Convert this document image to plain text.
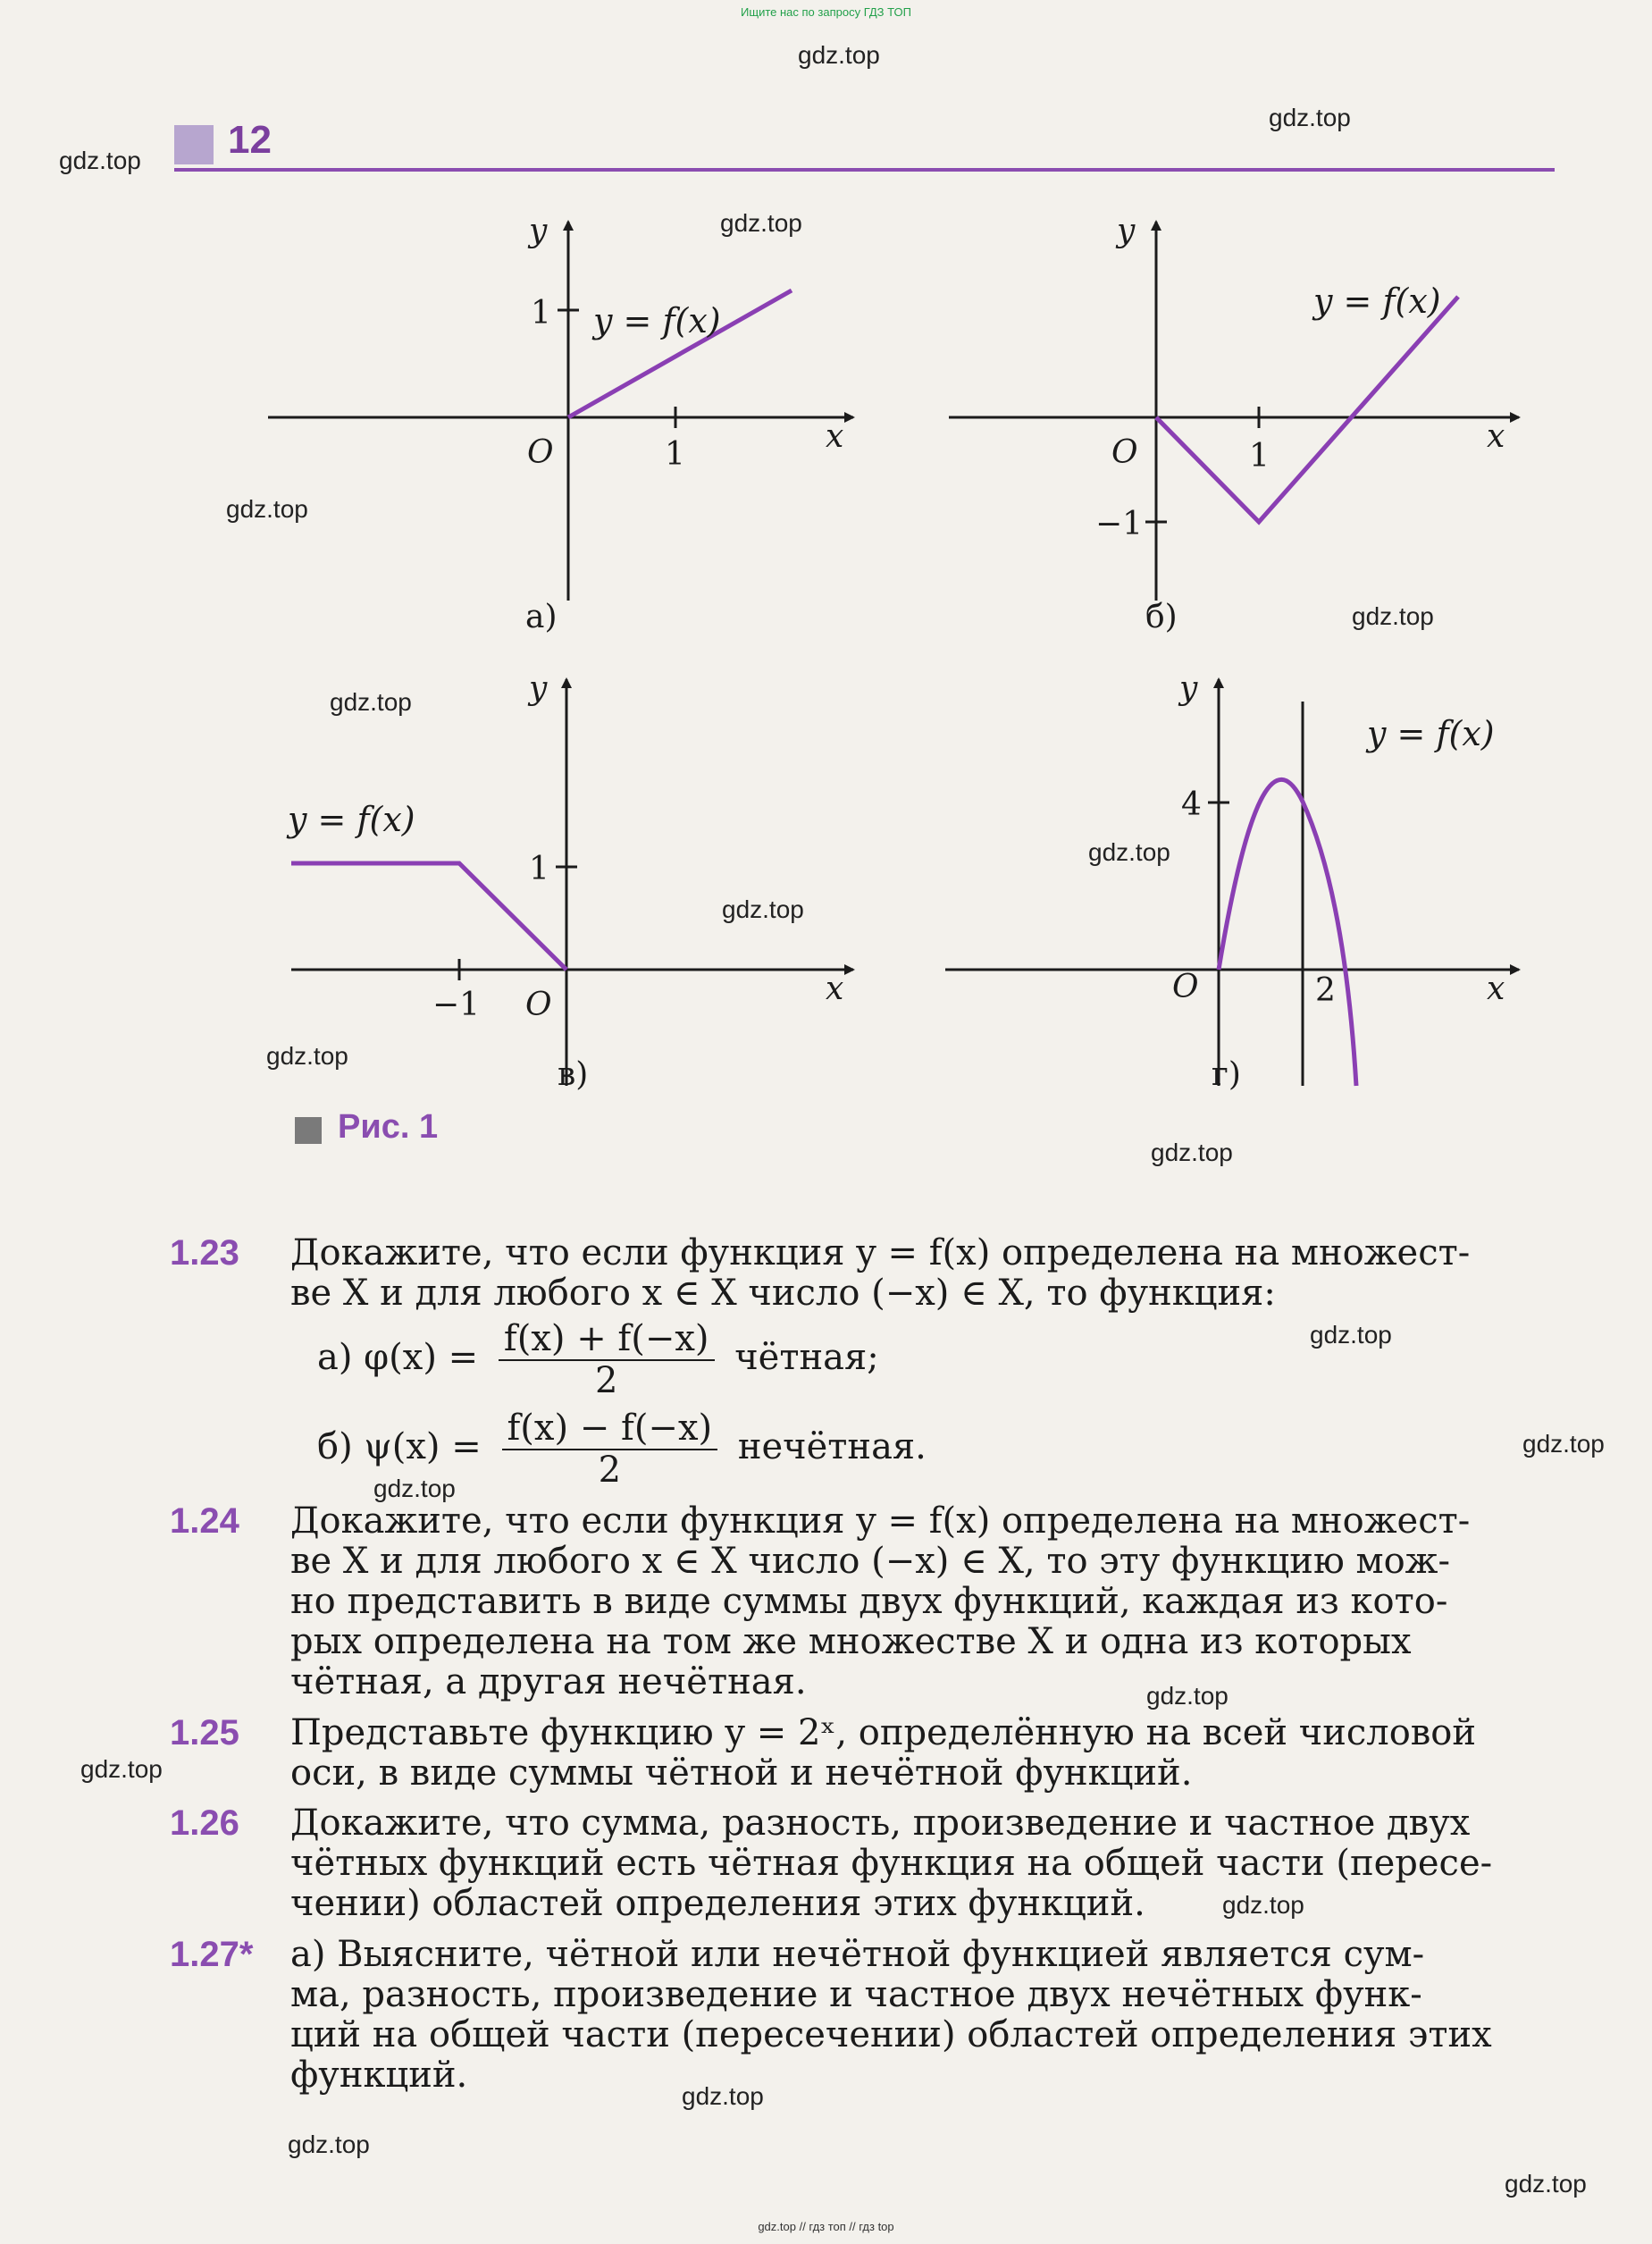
Ищите нас по запросу ГДЗ ТОП
12
gdz.top
gdz.top
gdz.top
gdz.top
gdz.top
gdz.top
gdz.top
gdz.top
gdz.top
gdz.top
gdz.top
gdz.top
gdz.top
gdz.top
gdz.top
gdz.top
gdz.top
gdz.top
gdz.top
gdz.top
y
x
y = f(x)
O
1
1
а)
y
x
y = f(x)
O	1
−1
б)
y
x
y = f(x)
O
1
−1
в)
y
x
y = f(x)
O
4
2
г)
Рис. 1
1.23	Докажите, что если функция y = f(x) определена на множест-
ве X и для любого x ∈ X число (−x) ∈ X, то функция:
а) $\varphi(x) = \frac{f(x) + f(-x)}{2}$ чётная;
б) $\psi(x) = \frac{f(x) - f(-x)}{2}$ нечётная.
1.24	Докажите, что если функция y = f(x) определена на множест-
ве X и для любого x ∈ X число (−x) ∈ X, то эту функцию мож-
но представить в виде суммы двух функций, каждая из кото-
рых определена на том же множестве X и одна из которых
чётная, а другая нечётная.
1.25	Представьте функцию y = 2ˣ, определённую на всей числовой
оси, в виде суммы чётной и нечётной функций.
1.26	Докажите, что сумма, разность, произведение и частное двух
чётных функций есть чётная функция на общей части (пересе-
чении) областей определения этих функций.
1.27*	а) Выясните, чётной или нечётной функцией является сум-
ма, разность, произведение и частное двух нечётных функ-
ций на общей части (пересечении) областей определения этих
функций.
gdz.top // гдз топ // гдз top
